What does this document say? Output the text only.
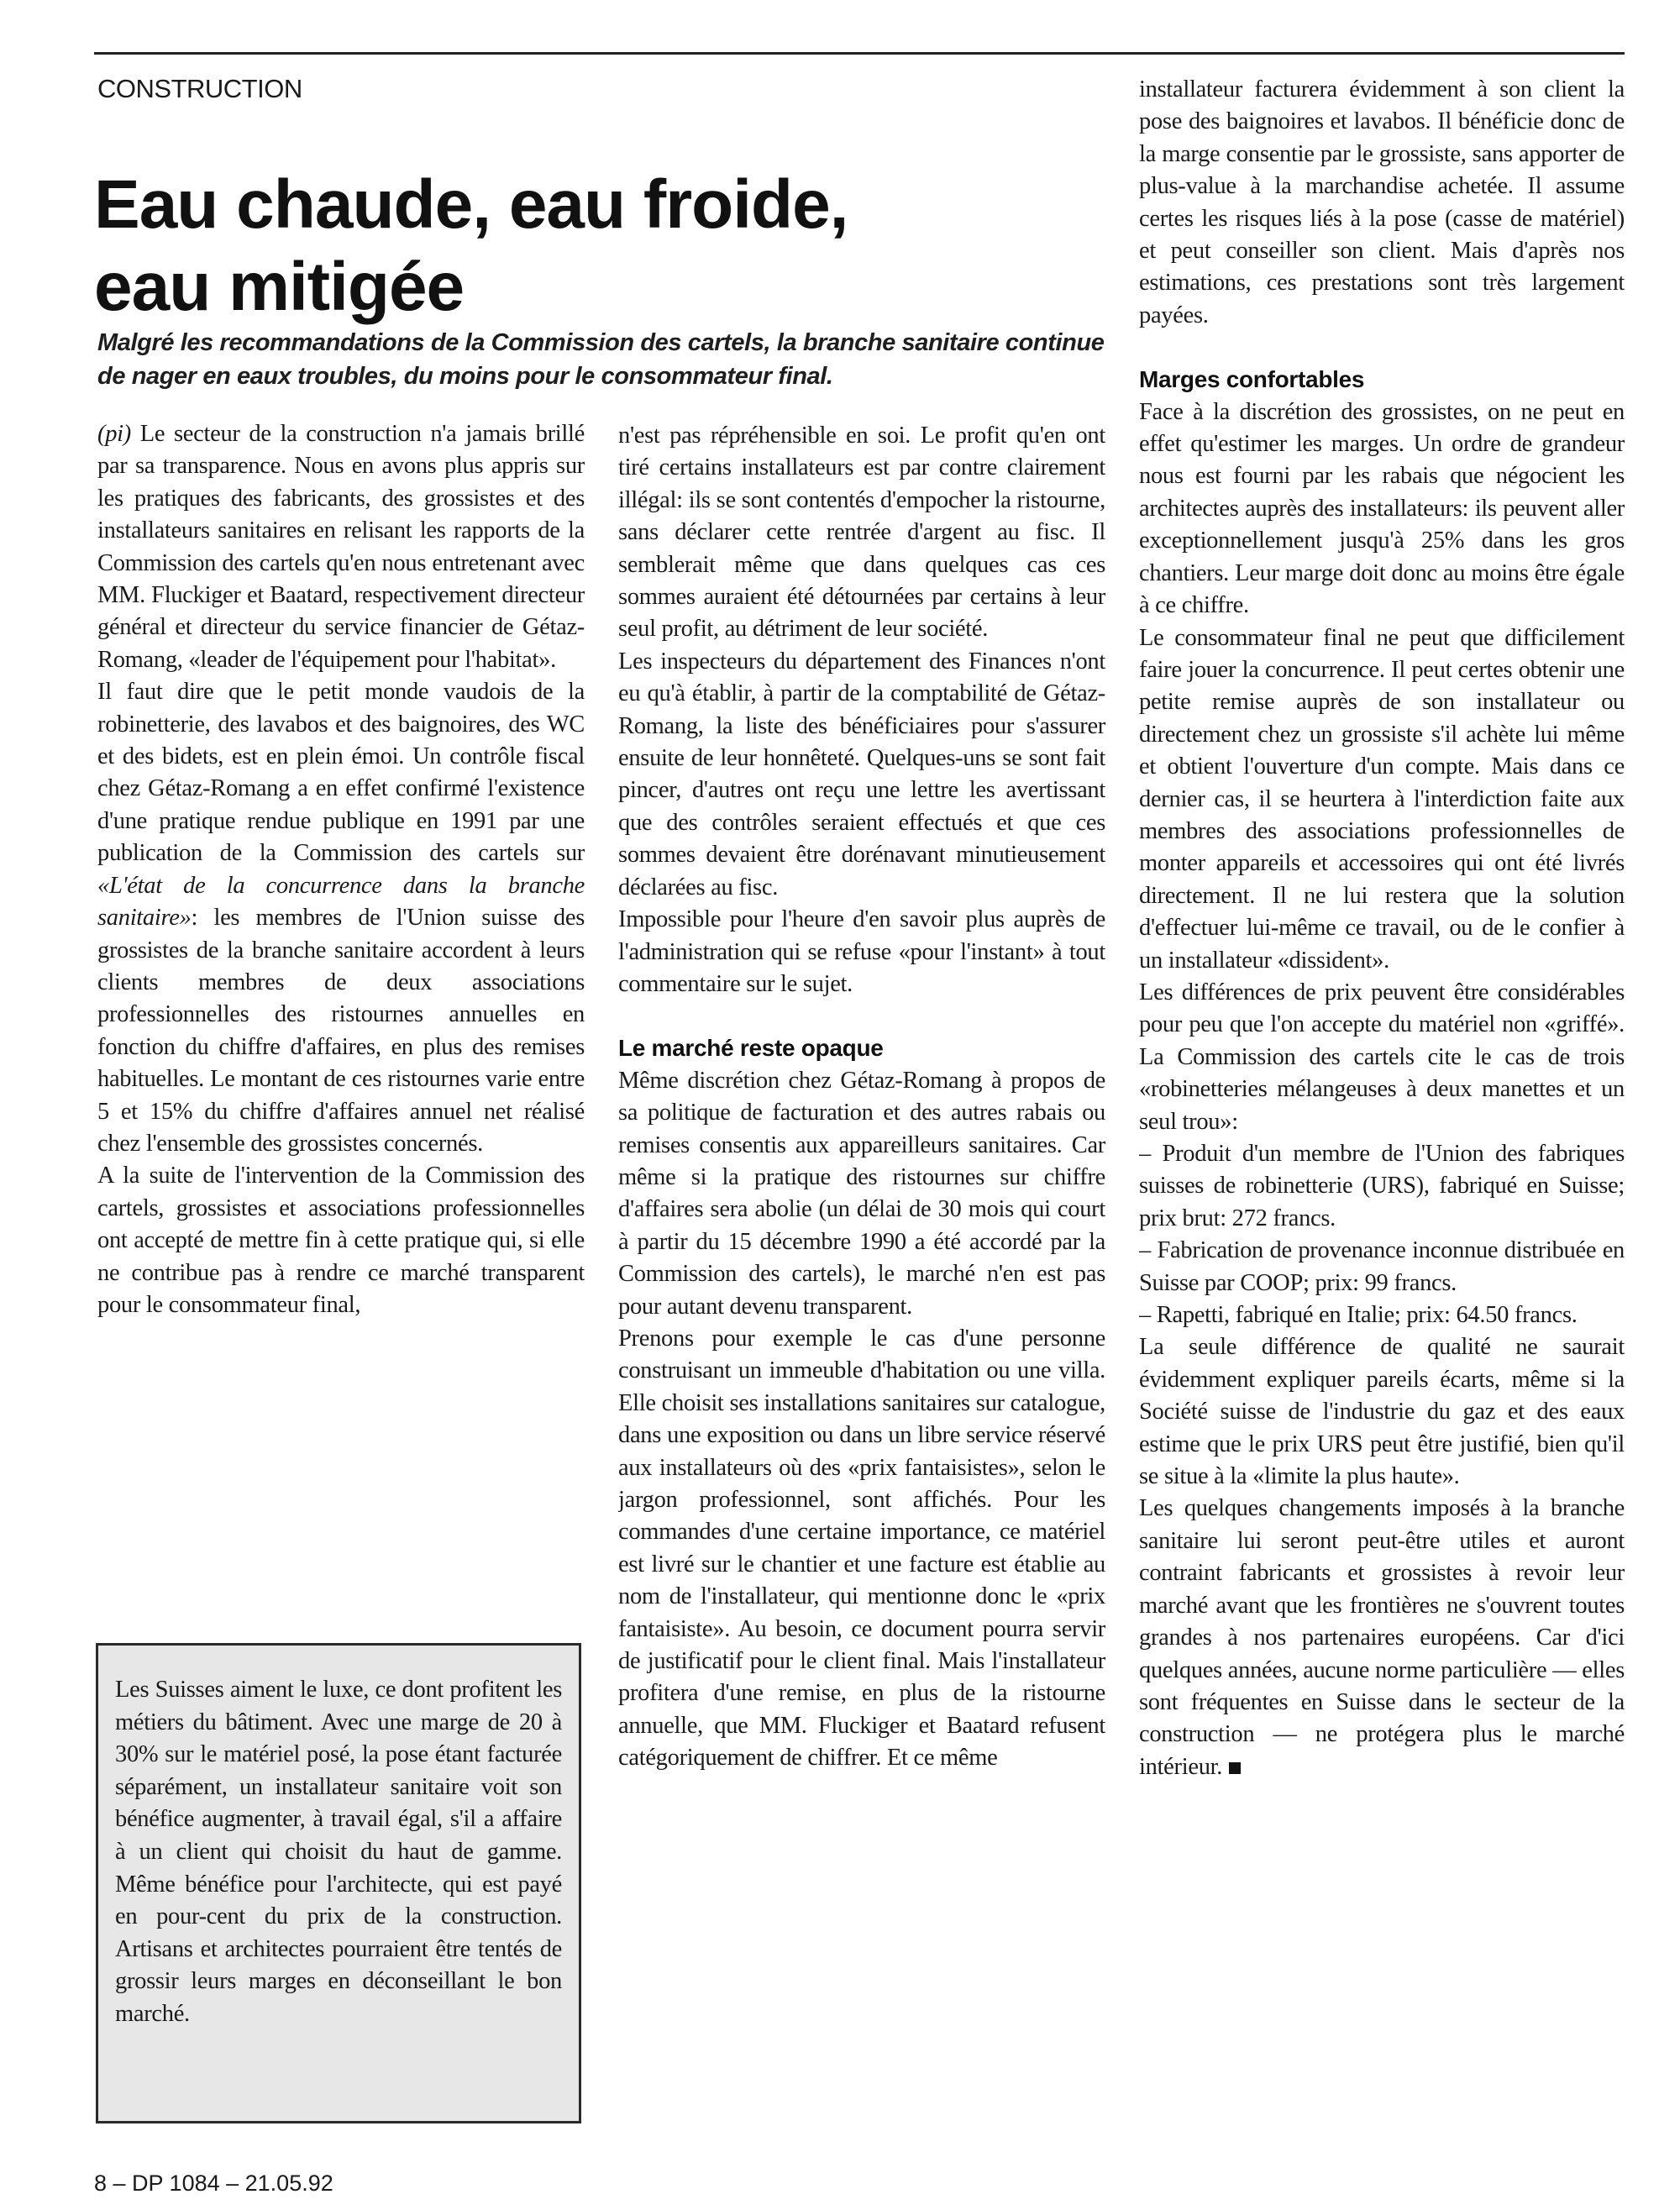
CONSTRUCTION
Eau chaude, eau froide,
eau mitigée
Malgré les recommandations de la Commission des cartels, la branche sanitaire continue de nager en eaux troubles, du moins pour le consommateur final.

(pi) Le secteur de la construction n'a jamais brillé par sa transparence. Nous en avons plus appris sur les pratiques des fabricants, des grossistes et des installateurs sanitaires en relisant les rapports de la Commission des cartels qu'en nous entretenant avec MM. Fluckiger et Baatard, respectivement directeur général et directeur du service financier de Gétaz-Romang, «leader de l'équipement pour l'habitat».

Il faut dire que le petit monde vaudois de la robinetterie, des lavabos et des baignoires, des WC et des bidets, est en plein émoi. Un contrôle fiscal chez Gétaz-Romang a en effet confirmé l'existence d'une pratique rendue publique en 1991 par une publication de la Commission des cartels sur «L'état de la concurrence dans la branche sanitaire»: les membres de l'Union suisse des grossistes de la branche sanitaire accordent à leurs clients membres de deux associations professionnelles des ristournes annuelles en fonction du chiffre d'affaires, en plus des remises habituelles. Le montant de ces ristournes varie entre 5 et 15% du chiffre d'affaires annuel net réalisé chez l'ensemble des grossistes concernés.

A la suite de l'intervention de la Commission des cartels, grossistes et associations professionnelles ont accepté de mettre fin à cette pratique qui, si elle ne contribue pas à rendre ce marché transparent pour le consommateur final,

Les Suisses aiment le luxe, ce dont profitent les métiers du bâtiment. Avec une marge de 20 à 30% sur le matériel posé, la pose étant facturée séparément, un installateur sanitaire voit son bénéfice augmenter, à travail égal, s'il a affaire à un client qui choisit du haut de gamme. Même bénéfice pour l'architecte, qui est payé en pour-cent du prix de la construction. Artisans et architectes pourraient être tentés de grossir leurs marges en déconseillant le bon marché.

n'est pas répréhensible en soi. Le profit qu'en ont tiré certains installateurs est par contre clairement illégal: ils se sont contentés d'empocher la ristourne, sans déclarer cette rentrée d'argent au fisc. Il semblerait même que dans quelques cas ces sommes auraient été détournées par certains à leur seul profit, au détriment de leur société.

Les inspecteurs du département des Finances n'ont eu qu'à établir, à partir de la comptabilité de Gétaz-Romang, la liste des bénéficiaires pour s'assurer ensuite de leur honnêteté. Quelques-uns se sont fait pincer, d'autres ont reçu une lettre les avertissant que des contrôles seraient effectués et que ces sommes devaient être dorénavant minutieusement déclarées au fisc.

Impossible pour l'heure d'en savoir plus auprès de l'administration qui se refuse «pour l'instant» à tout commentaire sur le sujet.

Le marché reste opaque

Même discrétion chez Gétaz-Romang à propos de sa politique de facturation et des autres rabais ou remises consentis aux appareilleurs sanitaires. Car même si la pratique des ristournes sur chiffre d'affaires sera abolie (un délai de 30 mois qui court à partir du 15 décembre 1990 a été accordé par la Commission des cartels), le marché n'en est pas pour autant devenu transparent.

Prenons pour exemple le cas d'une personne construisant un immeuble d'habitation ou une villa. Elle choisit ses installations sanitaires sur catalogue, dans une exposition ou dans un libre service réservé aux installateurs où des «prix fantaisistes», selon le jargon professionnel, sont affichés. Pour les commandes d'une certaine importance, ce matériel est livré sur le chantier et une facture est établie au nom de l'installateur, qui mentionne donc le «prix fantaisiste». Au besoin, ce document pourra servir de justificatif pour le client final. Mais l'installateur profitera d'une remise, en plus de la ristourne annuelle, que MM. Fluckiger et Baatard refusent catégoriquement de chiffrer. Et ce même

installateur facturera évidemment à son client la pose des baignoires et lavabos. Il bénéficie donc de la marge consentie par le grossiste, sans apporter de plus-value à la marchandise achetée. Il assume certes les risques liés à la pose (casse de matériel) et peut conseiller son client. Mais d'après nos estimations, ces prestations sont très largement payées.

Marges confortables

Face à la discrétion des grossistes, on ne peut en effet qu'estimer les marges. Un ordre de grandeur nous est fourni par les rabais que négocient les architectes auprès des installateurs: ils peuvent aller exceptionnellement jusqu'à 25% dans les gros chantiers. Leur marge doit donc au moins être égale à ce chiffre.

Le consommateur final ne peut que difficilement faire jouer la concurrence. Il peut certes obtenir une petite remise auprès de son installateur ou directement chez un grossiste s'il achète lui même et obtient l'ouverture d'un compte. Mais dans ce dernier cas, il se heurtera à l'interdiction faite aux membres des associations professionnelles de monter appareils et accessoires qui ont été livrés directement. Il ne lui restera que la solution d'effectuer lui-même ce travail, ou de le confier à un installateur «dissident».

Les différences de prix peuvent être considérables pour peu que l'on accepte du matériel non «griffé». La Commission des cartels cite le cas de trois «robinetteries mélangeuses à deux manettes et un seul trou»:

– Produit d'un membre de l'Union des fabriques suisses de robinetterie (URS), fabriqué en Suisse; prix brut: 272 francs.

– Fabrication de provenance inconnue distribuée en Suisse par COOP; prix: 99 francs.

– Rapetti, fabriqué en Italie; prix: 64.50 francs.

La seule différence de qualité ne saurait évidemment expliquer pareils écarts, même si la Société suisse de l'industrie du gaz et des eaux estime que le prix URS peut être justifié, bien qu'il se situe à la «limite la plus haute».

Les quelques changements imposés à la branche sanitaire lui seront peut-être utiles et auront contraint fabricants et grossistes à revoir leur marché avant que les frontières ne s'ouvrent toutes grandes à nos partenaires européens. Car d'ici quelques années, aucune norme particulière — elles sont fréquentes en Suisse dans le secteur de la construction — ne protégera plus le marché intérieur.

8 – DP 1084 – 21.05.92
